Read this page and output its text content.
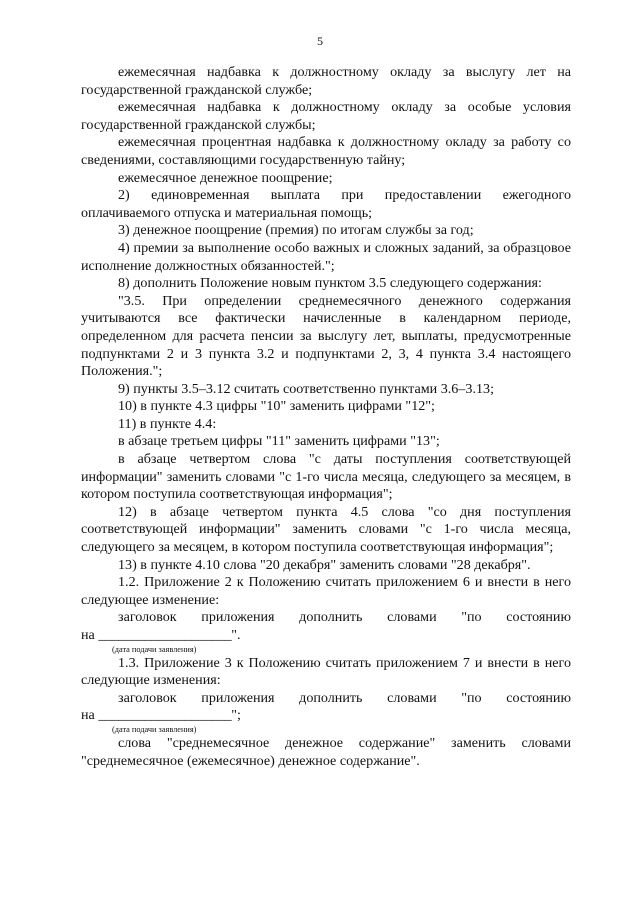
5

ежемесячная надбавка к должностному окладу за выслугу лет на государственной гражданской службе;

ежемесячная надбавка к должностному окладу за особые условия государственной гражданской службы;

ежемесячная процентная надбавка к должностному окладу за работу со сведениями, составляющими государственную тайну;

ежемесячное денежное поощрение;

2) единовременная выплата при предоставлении ежегодного оплачиваемого отпуска и материальная помощь;

3) денежное поощрение (премия) по итогам службы за год;

4) премии за выполнение особо важных и сложных заданий, за образцовое исполнение должностных обязанностей.";

8) дополнить Положение новым пунктом 3.5 следующего содержания:

"3.5. При определении среднемесячного денежного содержания учитываются все фактически начисленные в календарном периоде, определенном для расчета пенсии за выслугу лет, выплаты, предусмотренные подпунктами 2 и 3 пункта 3.2 и подпунктами 2, 3, 4 пункта 3.4 настоящего Положения.";

9) пункты 3.5–3.12 считать соответственно пунктами 3.6–3.13;

10) в пункте 4.3 цифры "10" заменить цифрами "12";

11) в пункте 4.4:

в абзаце третьем цифры "11" заменить цифрами "13";

в абзаце четвертом слова "с даты поступления соответствующей информации" заменить словами "с 1-го числа месяца, следующего за месяцем, в котором поступила соответствующая информация";

12) в абзаце четвертом пункта 4.5 слова "со дня поступления соответствующей информации" заменить словами "с 1-го числа месяца, следующего за месяцем, в котором поступила соответствующая информация";

13) в пункте 4.10 слова "20 декабря" заменить словами "28 декабря".

1.2. Приложение 2 к Положению считать приложением 6 и внести в него следующее изменение:

заголовок приложения дополнить словами "по состоянию

на ____________________".

(дата подачи заявления)

1.3. Приложение 3 к Положению считать приложением 7 и внести в него следующие изменения:

заголовок приложения дополнить словами "по состоянию

на ____________________";

(дата подачи заявления)

слова "среднемесячное денежное содержание" заменить словами "среднемесячное (ежемесячное) денежное содержание".
